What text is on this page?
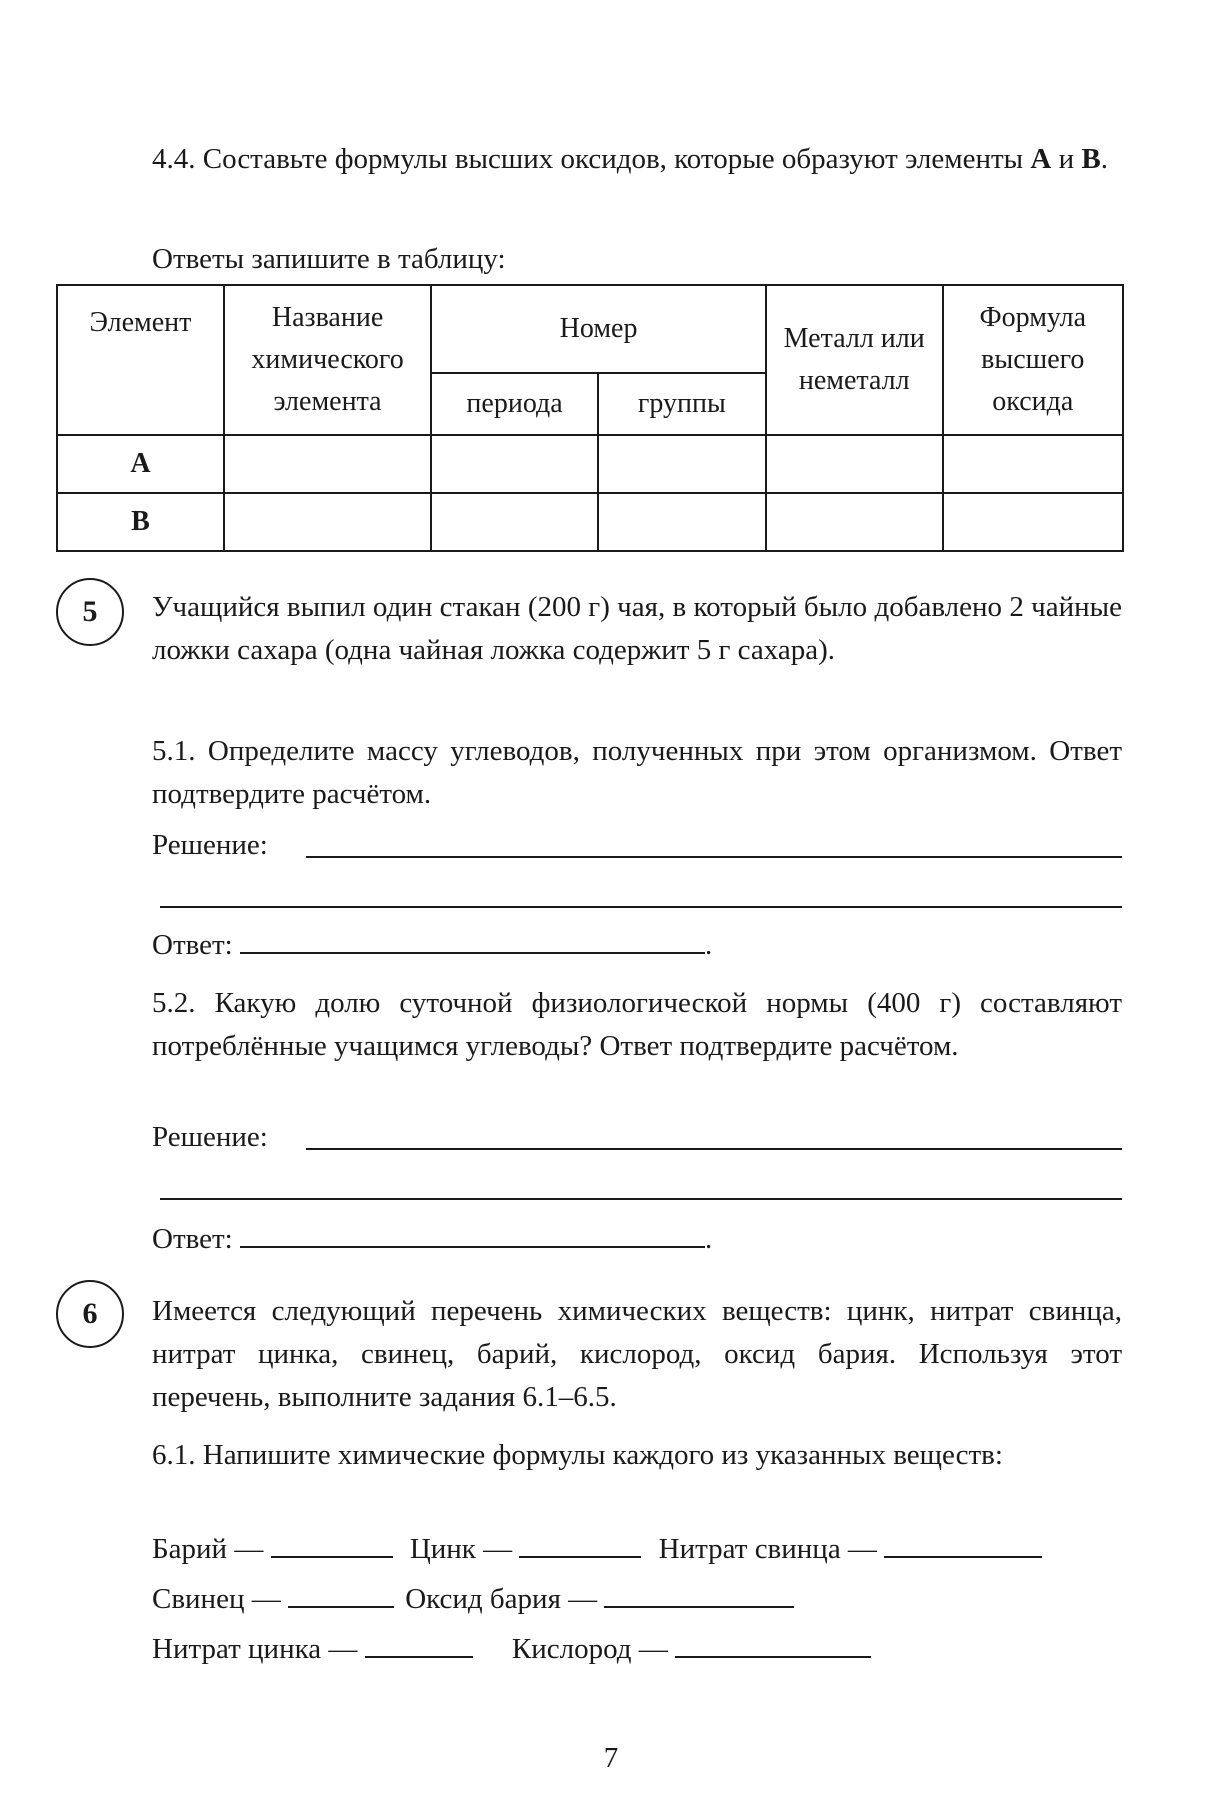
4.4. Составьте формулы высших оксидов, которые образуют элементы А и В.

Ответы запишите в таблицу:

Элемент	Название химического элемента	Номер		Металл или неметалл	Формула высшего оксида
		периода	группы		
А					
В					
5	Учащийся выпил один стакан (200 г) чая, в который было добавлено 2 чайные ложки сахара (одна чайная ложка содержит 5 г сахара).

5.1. Определите массу углеводов, полученных при этом организмом. Ответ подтвердите расчётом.

Решение:

Ответ:	.

5.2. Какую долю суточной физиологической нормы (400 г) составляют потреблённые учащимся углеводы? Ответ подтвердите расчётом.

Решение:

Ответ:	.

6	Имеется следующий перечень химических веществ: цинк, нитрат свинца, нитрат цинка, свинец, барий, кислород, оксид бария. Используя этот перечень, выполните задания 6.1–6.5.

6.1. Напишите химические формулы каждого из указанных веществ:

Барий —	Цинк —	Нитрат свинца —

Свинец —	Оксид бария —

Нитрат цинка —	Кислород —

7
